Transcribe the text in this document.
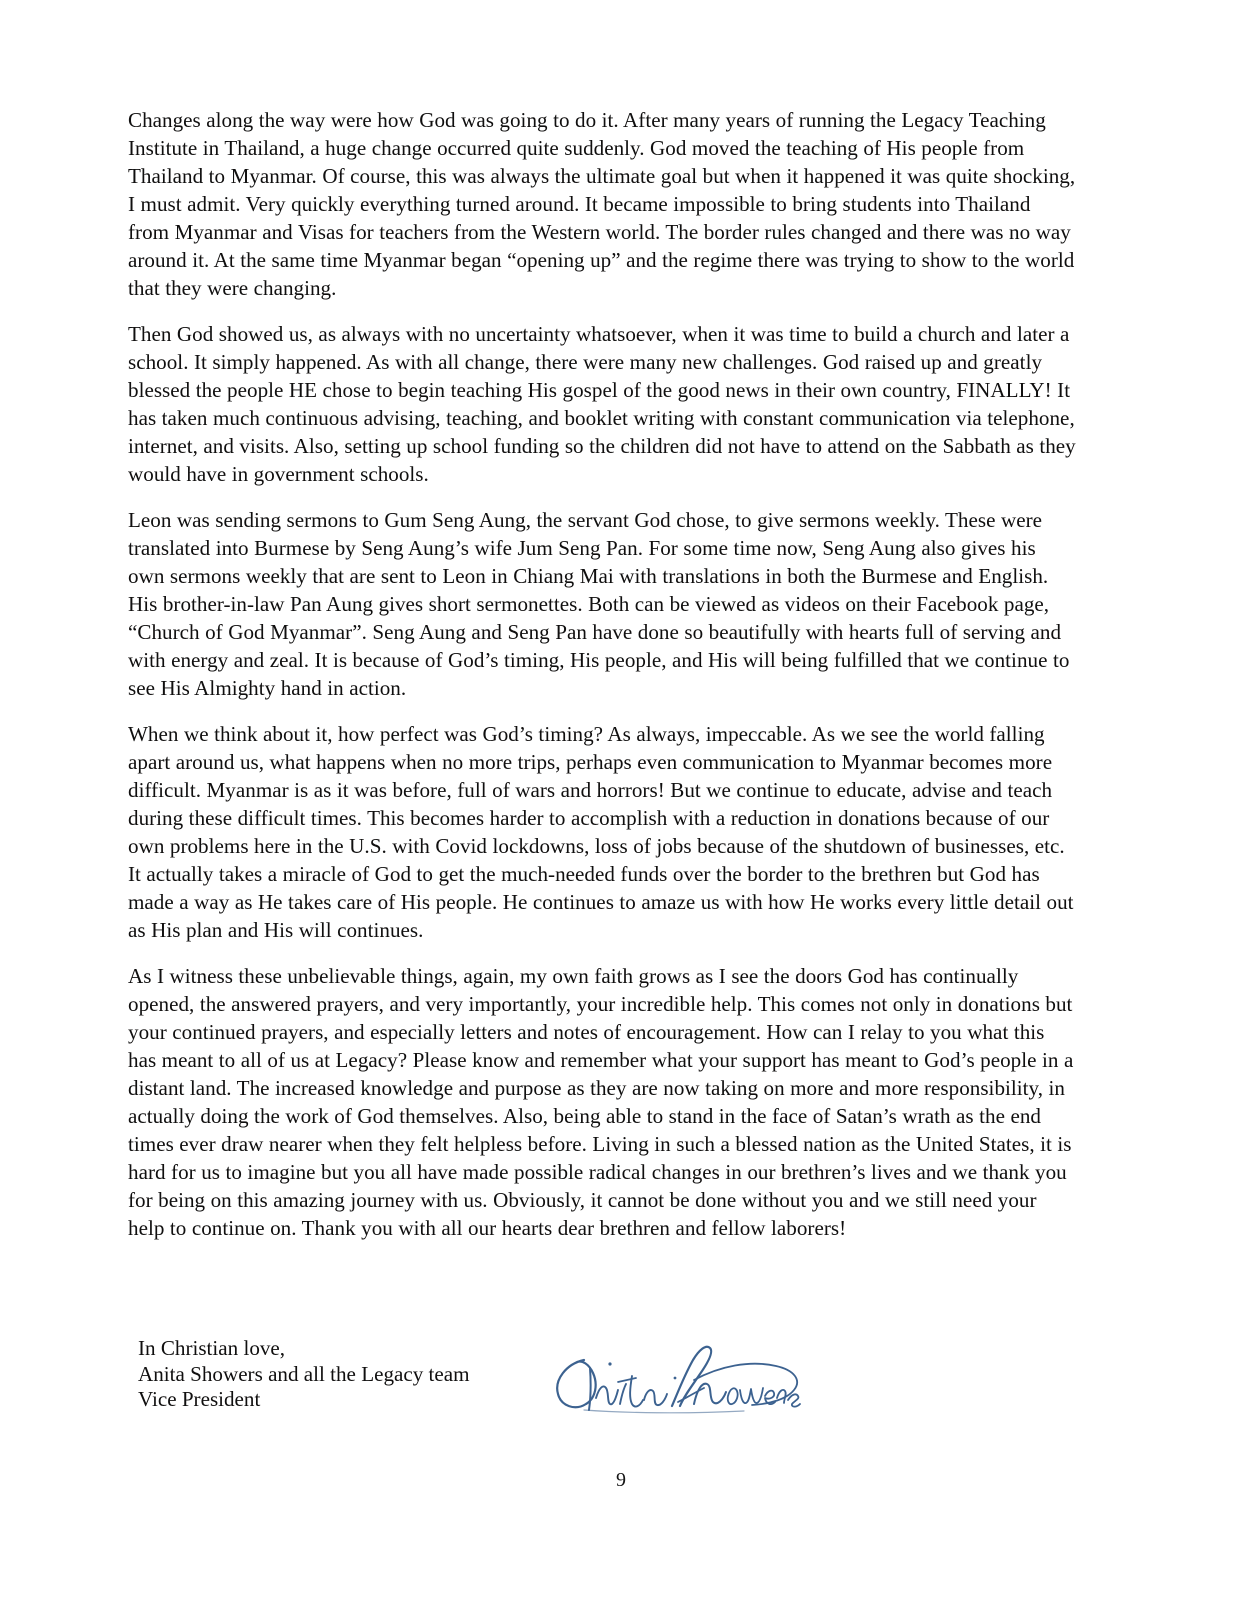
Changes along the way were how God was going to do it. After many years of running the Legacy Teaching Institute in Thailand, a huge change occurred quite suddenly. God moved the teaching of His people from Thailand to Myanmar. Of course, this was always the ultimate goal but when it happened it was quite shocking, I must admit. Very quickly everything turned around. It became impossible to bring students into Thailand from Myanmar and Visas for teachers from the Western world. The border rules changed and there was no way around it. At the same time Myanmar began “opening up” and the regime there was trying to show to the world that they were changing.

Then God showed us, as always with no uncertainty whatsoever, when it was time to build a church and later a school. It simply happened. As with all change, there were many new challenges. God raised up and greatly blessed the people HE chose to begin teaching His gospel of the good news in their own country, FINALLY! It has taken much continuous advising, teaching, and booklet writing with constant communication via telephone, internet, and visits. Also, setting up school funding so the children did not have to attend on the Sabbath as they would have in government schools.

Leon was sending sermons to Gum Seng Aung, the servant God chose, to give sermons weekly. These were translated into Burmese by Seng Aung’s wife Jum Seng Pan. For some time now, Seng Aung also gives his own sermons weekly that are sent to Leon in Chiang Mai with translations in both the Burmese and English. His brother-in-law Pan Aung gives short sermonettes. Both can be viewed as videos on their Facebook page, “Church of God Myanmar”. Seng Aung and Seng Pan have done so beautifully with hearts full of serving and with energy and zeal. It is because of God’s timing, His people, and His will being fulfilled that we continue to see His Almighty hand in action.

When we think about it, how perfect was God’s timing? As always, impeccable. As we see the world falling apart around us, what happens when no more trips, perhaps even communication to Myanmar becomes more difficult. Myanmar is as it was before, full of wars and horrors! But we continue to educate, advise and teach during these difficult times. This becomes harder to accomplish with a reduction in donations because of our own problems here in the U.S. with Covid lockdowns, loss of jobs because of the shutdown of businesses, etc. It actually takes a miracle of God to get the much-needed funds over the border to the brethren but God has made a way as He takes care of His people. He continues to amaze us with how He works every little detail out as His plan and His will continues.

As I witness these unbelievable things, again, my own faith grows as I see the doors God has continually opened, the answered prayers, and very importantly, your incredible help. This comes not only in donations but your continued prayers, and especially letters and notes of encouragement. How can I relay to you what this has meant to all of us at Legacy? Please know and remember what your support has meant to God’s people in a distant land. The increased knowledge and purpose as they are now taking on more and more responsibility, in actually doing the work of God themselves. Also, being able to stand in the face of Satan’s wrath as the end times ever draw nearer when they felt helpless before. Living in such a blessed nation as the United States, it is hard for us to imagine but you all have made possible radical changes in our brethren’s lives and we thank you for being on this amazing journey with us. Obviously, it cannot be done without you and we still need your help to continue on. Thank you with all our hearts dear brethren and fellow laborers!

In Christian love,
Anita Showers and all the Legacy team
Vice President
9
